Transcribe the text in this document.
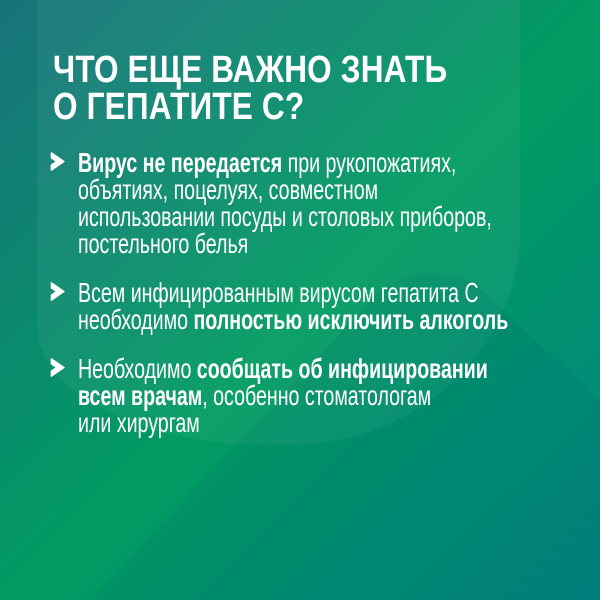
ЧТО ЕЩЕ ВАЖНО ЗНАТЬ
О ГЕПАТИТЕ С?
Вирус не передается при рукопожатиях,
объятиях, поцелуях, совместном
использовании посуды и столовых приборов,
постельного белья
Всем инфицированным вирусом гепатита С
необходимо полностью исключить алкоголь
Необходимо сообщать об инфицировании
всем врачам, особенно стоматологам
или хирургам
